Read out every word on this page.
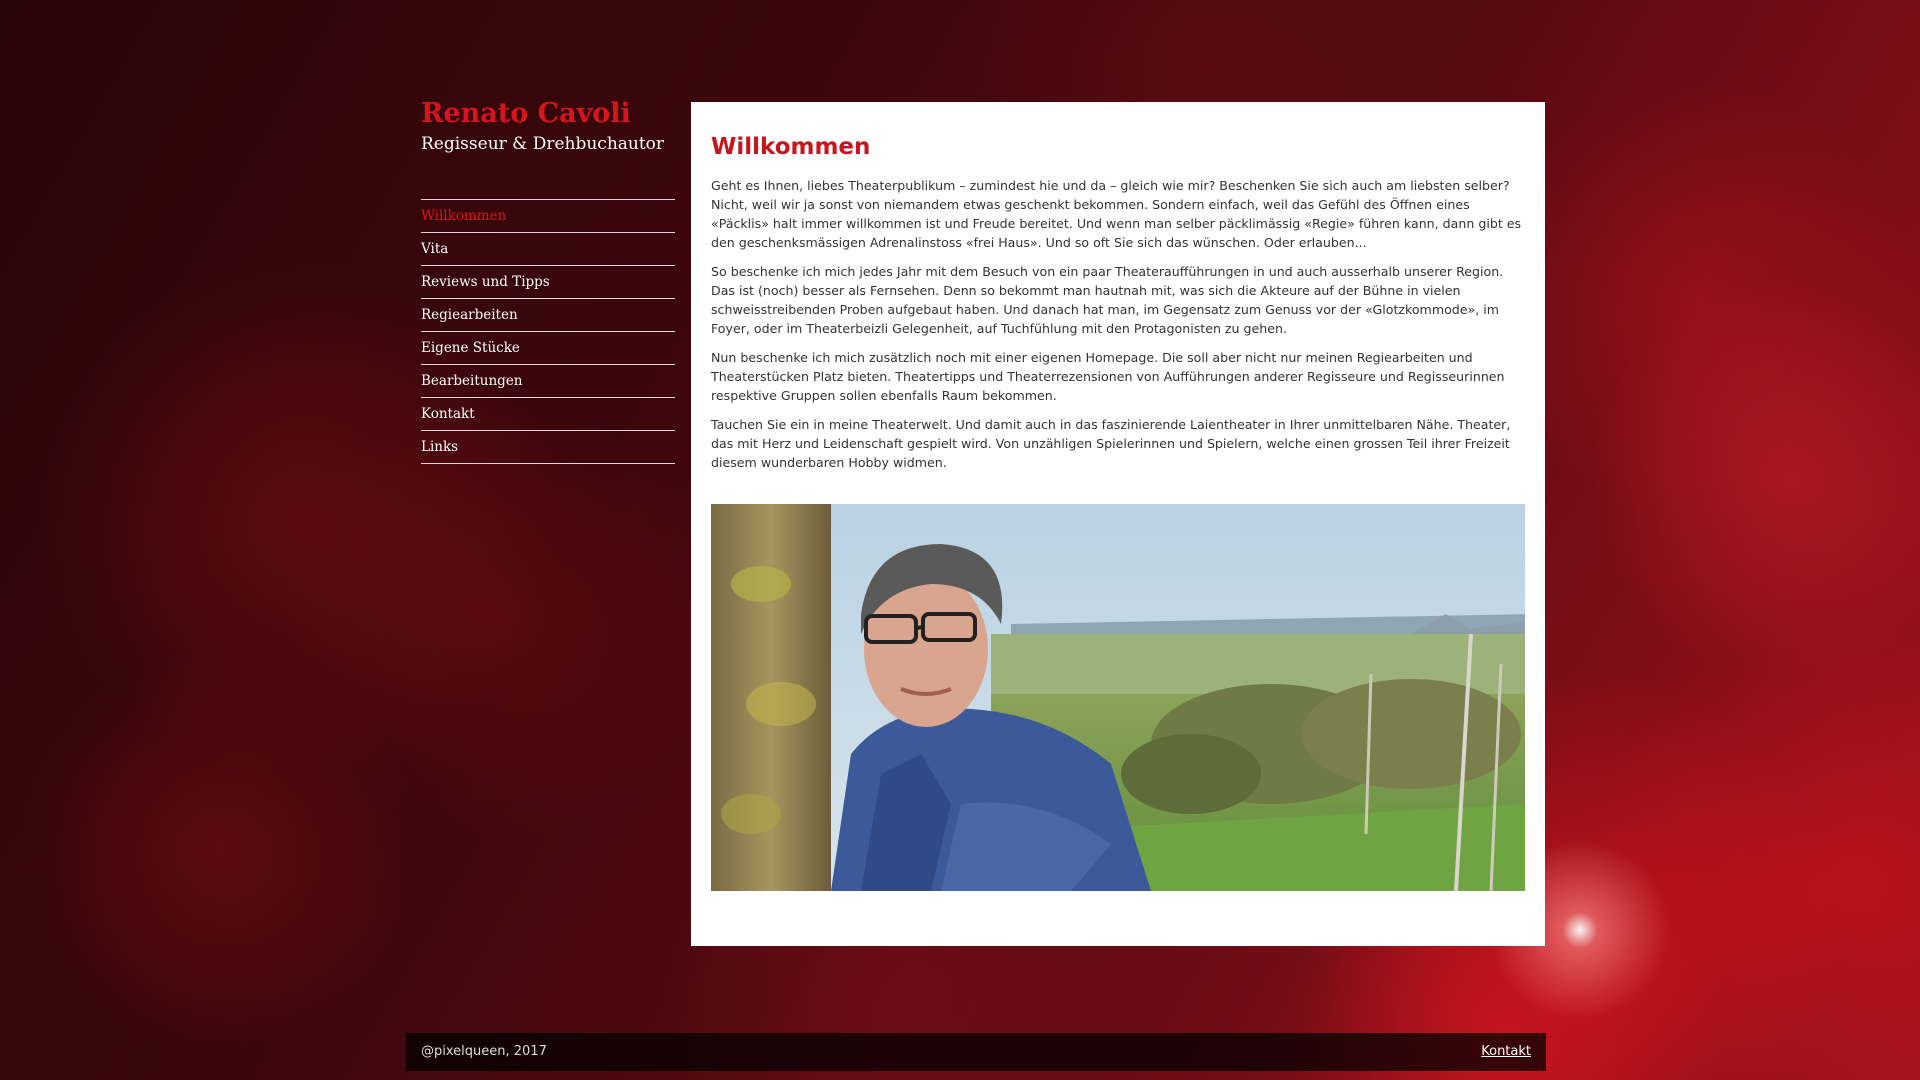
Renato Cavoli
Regisseur & Drehbuchautor
Willkommen
Vita
Reviews und Tipps
Regiearbeiten
Eigene Stücke
Bearbeitungen
Kontakt
Links
Willkommen

Geht es Ihnen, liebes Theaterpublikum – zumindest hie und da – gleich wie mir? Beschenken Sie sich auch am liebsten selber? Nicht, weil wir ja sonst von niemandem etwas geschenkt bekommen. Sondern einfach, weil das Gefühl des Öffnen eines «Päcklis» halt immer willkommen ist und Freude bereitet. Und wenn man selber päcklimässig «Regie» führen kann, dann gibt es den geschenksmässigen Adrenalinstoss «frei Haus». Und so oft Sie sich das wünschen. Oder erlauben...

So beschenke ich mich jedes Jahr mit dem Besuch von ein paar Theateraufführungen in und auch ausserhalb unserer Region. Das ist (noch) besser als Fernsehen. Denn so bekommt man hautnah mit, was sich die Akteure auf der Bühne in vielen schweisstreibenden Proben aufgebaut haben. Und danach hat man, im Gegensatz zum Genuss vor der «Glotzkommode», im Foyer, oder im Theaterbeizli Gelegenheit, auf Tuchfühlung mit den Protagonisten zu gehen.

Nun beschenke ich mich zusätzlich noch mit einer eigenen Homepage. Die soll aber nicht nur meinen Regiearbeiten und Theaterstücken Platz bieten. Theatertipps und Theaterrezensionen von Aufführungen anderer Regisseure und Regisseurinnen respektive Gruppen sollen ebenfalls Raum bekommen.

Tauchen Sie ein in meine Theaterwelt. Und damit auch in das faszinierende Laientheater in Ihrer unmittelbaren Nähe. Theater, das mit Herz und Leidenschaft gespielt wird. Von unzähligen Spielerinnen und Spielern, welche einen grossen Teil ihrer Freizeit diesem wunderbaren Hobby widmen.

@pixelqueen, 2017	Kontakt
